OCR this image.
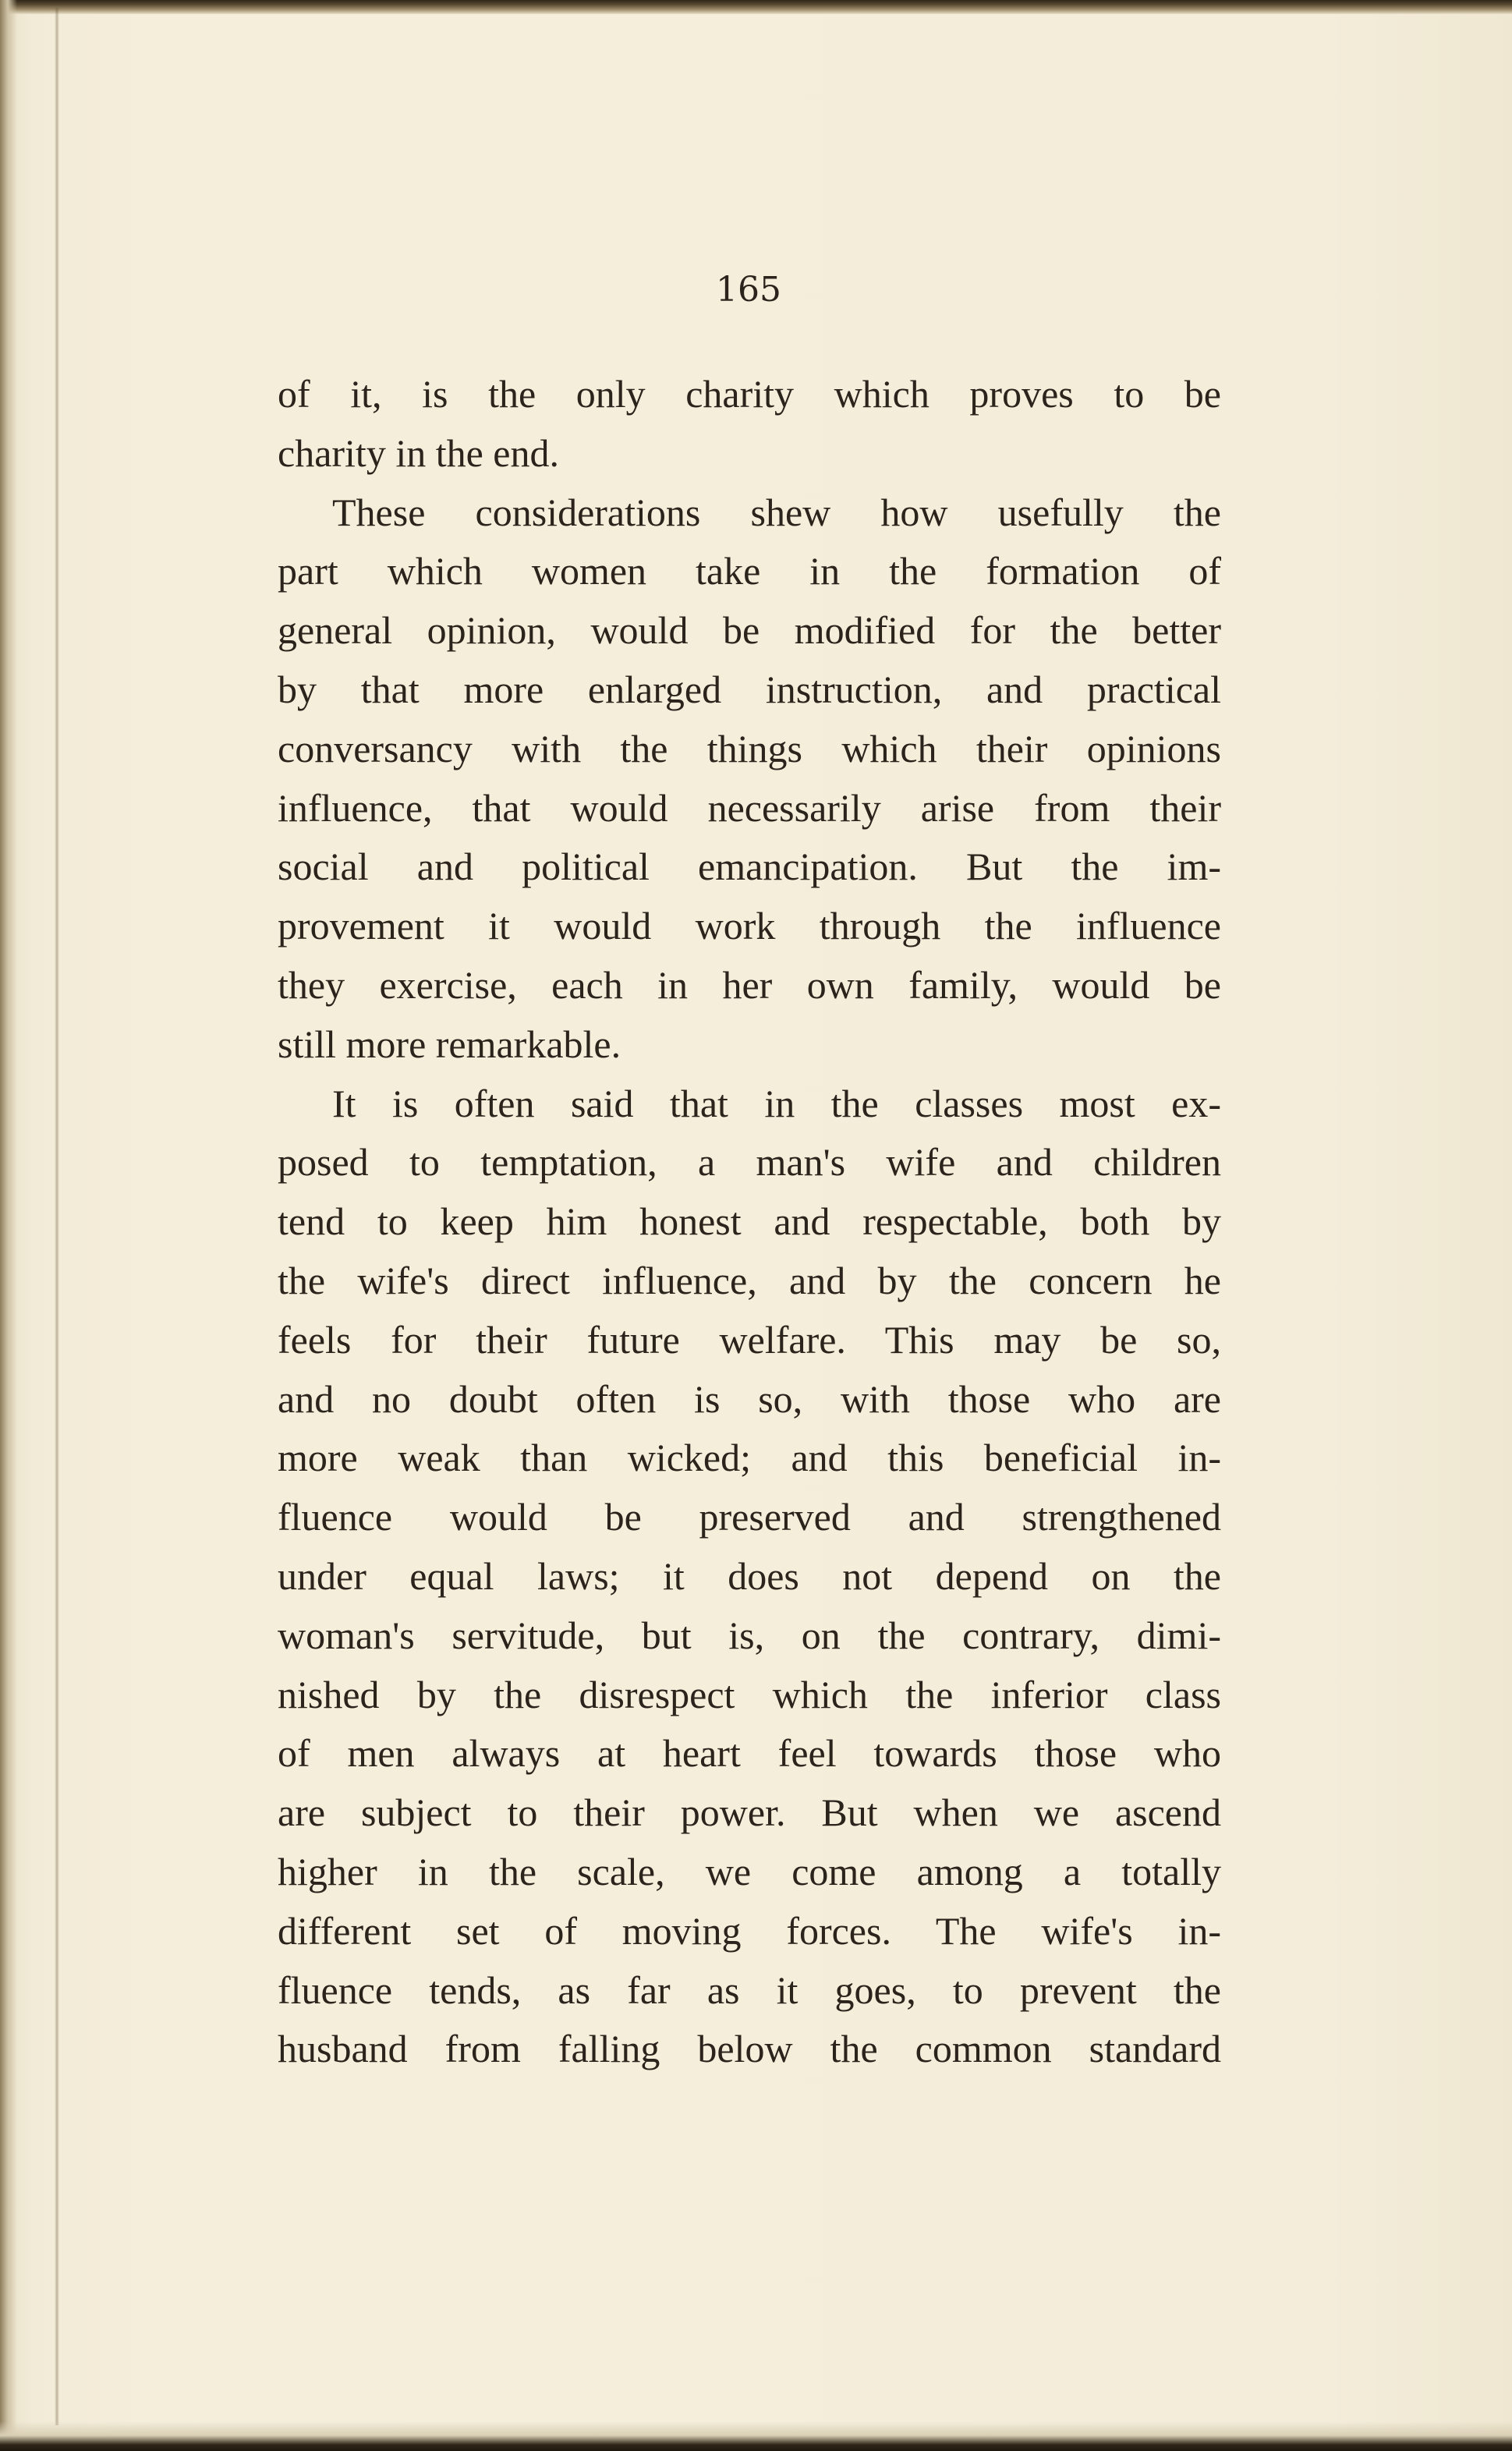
165
of it, is the only charity which proves to be
charity in the end.
These considerations shew how usefully the
part which women take in the formation of
general opinion, would be modified for the better
by that more enlarged instruction, and practical
conversancy with the things which their opinions
influence, that would necessarily arise from their
social and political emancipation. But the im-
provement it would work through the influence
they exercise, each in her own family, would be
still more remarkable.
It is often said that in the classes most ex-
posed to temptation, a man's wife and children
tend to keep him honest and respectable, both by
the wife's direct influence, and by the concern he
feels for their future welfare. This may be so,
and no doubt often is so, with those who are
more weak than wicked; and this beneficial in-
fluence would be preserved and strengthened
under equal laws; it does not depend on the
woman's servitude, but is, on the contrary, dimi-
nished by the disrespect which the inferior class
of men always at heart feel towards those who
are subject to their power. But when we ascend
higher in the scale, we come among a totally
different set of moving forces. The wife's in-
fluence tends, as far as it goes, to prevent the
husband from falling below the common standard
